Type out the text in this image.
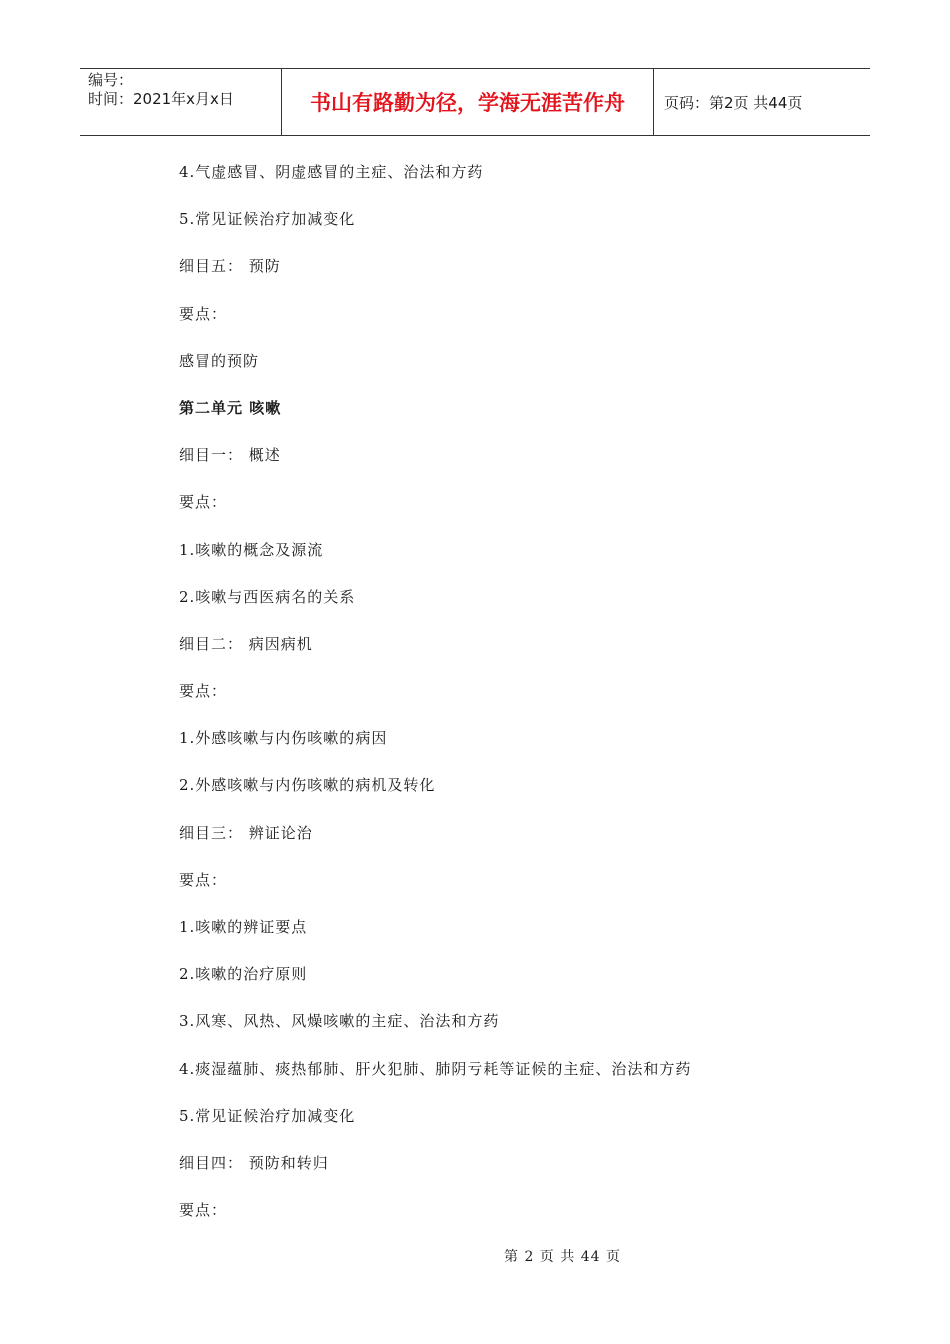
编号：
时间：2021年x月x日	书山有路勤为径，学海无涯苦作舟	页码：第2页 共44页
4.气虚感冒、阴虚感冒的主症、治法和方药
5.常见证候治疗加减变化
细目五： 预防
要点：
感冒的预防
第二单元 咳嗽
细目一： 概述
要点：
1.咳嗽的概念及源流
2.咳嗽与西医病名的关系
细目二： 病因病机
要点：
1.外感咳嗽与内伤咳嗽的病因
2.外感咳嗽与内伤咳嗽的病机及转化
细目三： 辨证论治
要点：
1.咳嗽的辨证要点
2.咳嗽的治疗原则
3.风寒、风热、风燥咳嗽的主症、治法和方药
4.痰湿蕴肺、痰热郁肺、肝火犯肺、肺阴亏耗等证候的主症、治法和方药
5.常见证候治疗加减变化
细目四： 预防和转归
要点：
第 2 页 共 44 页
